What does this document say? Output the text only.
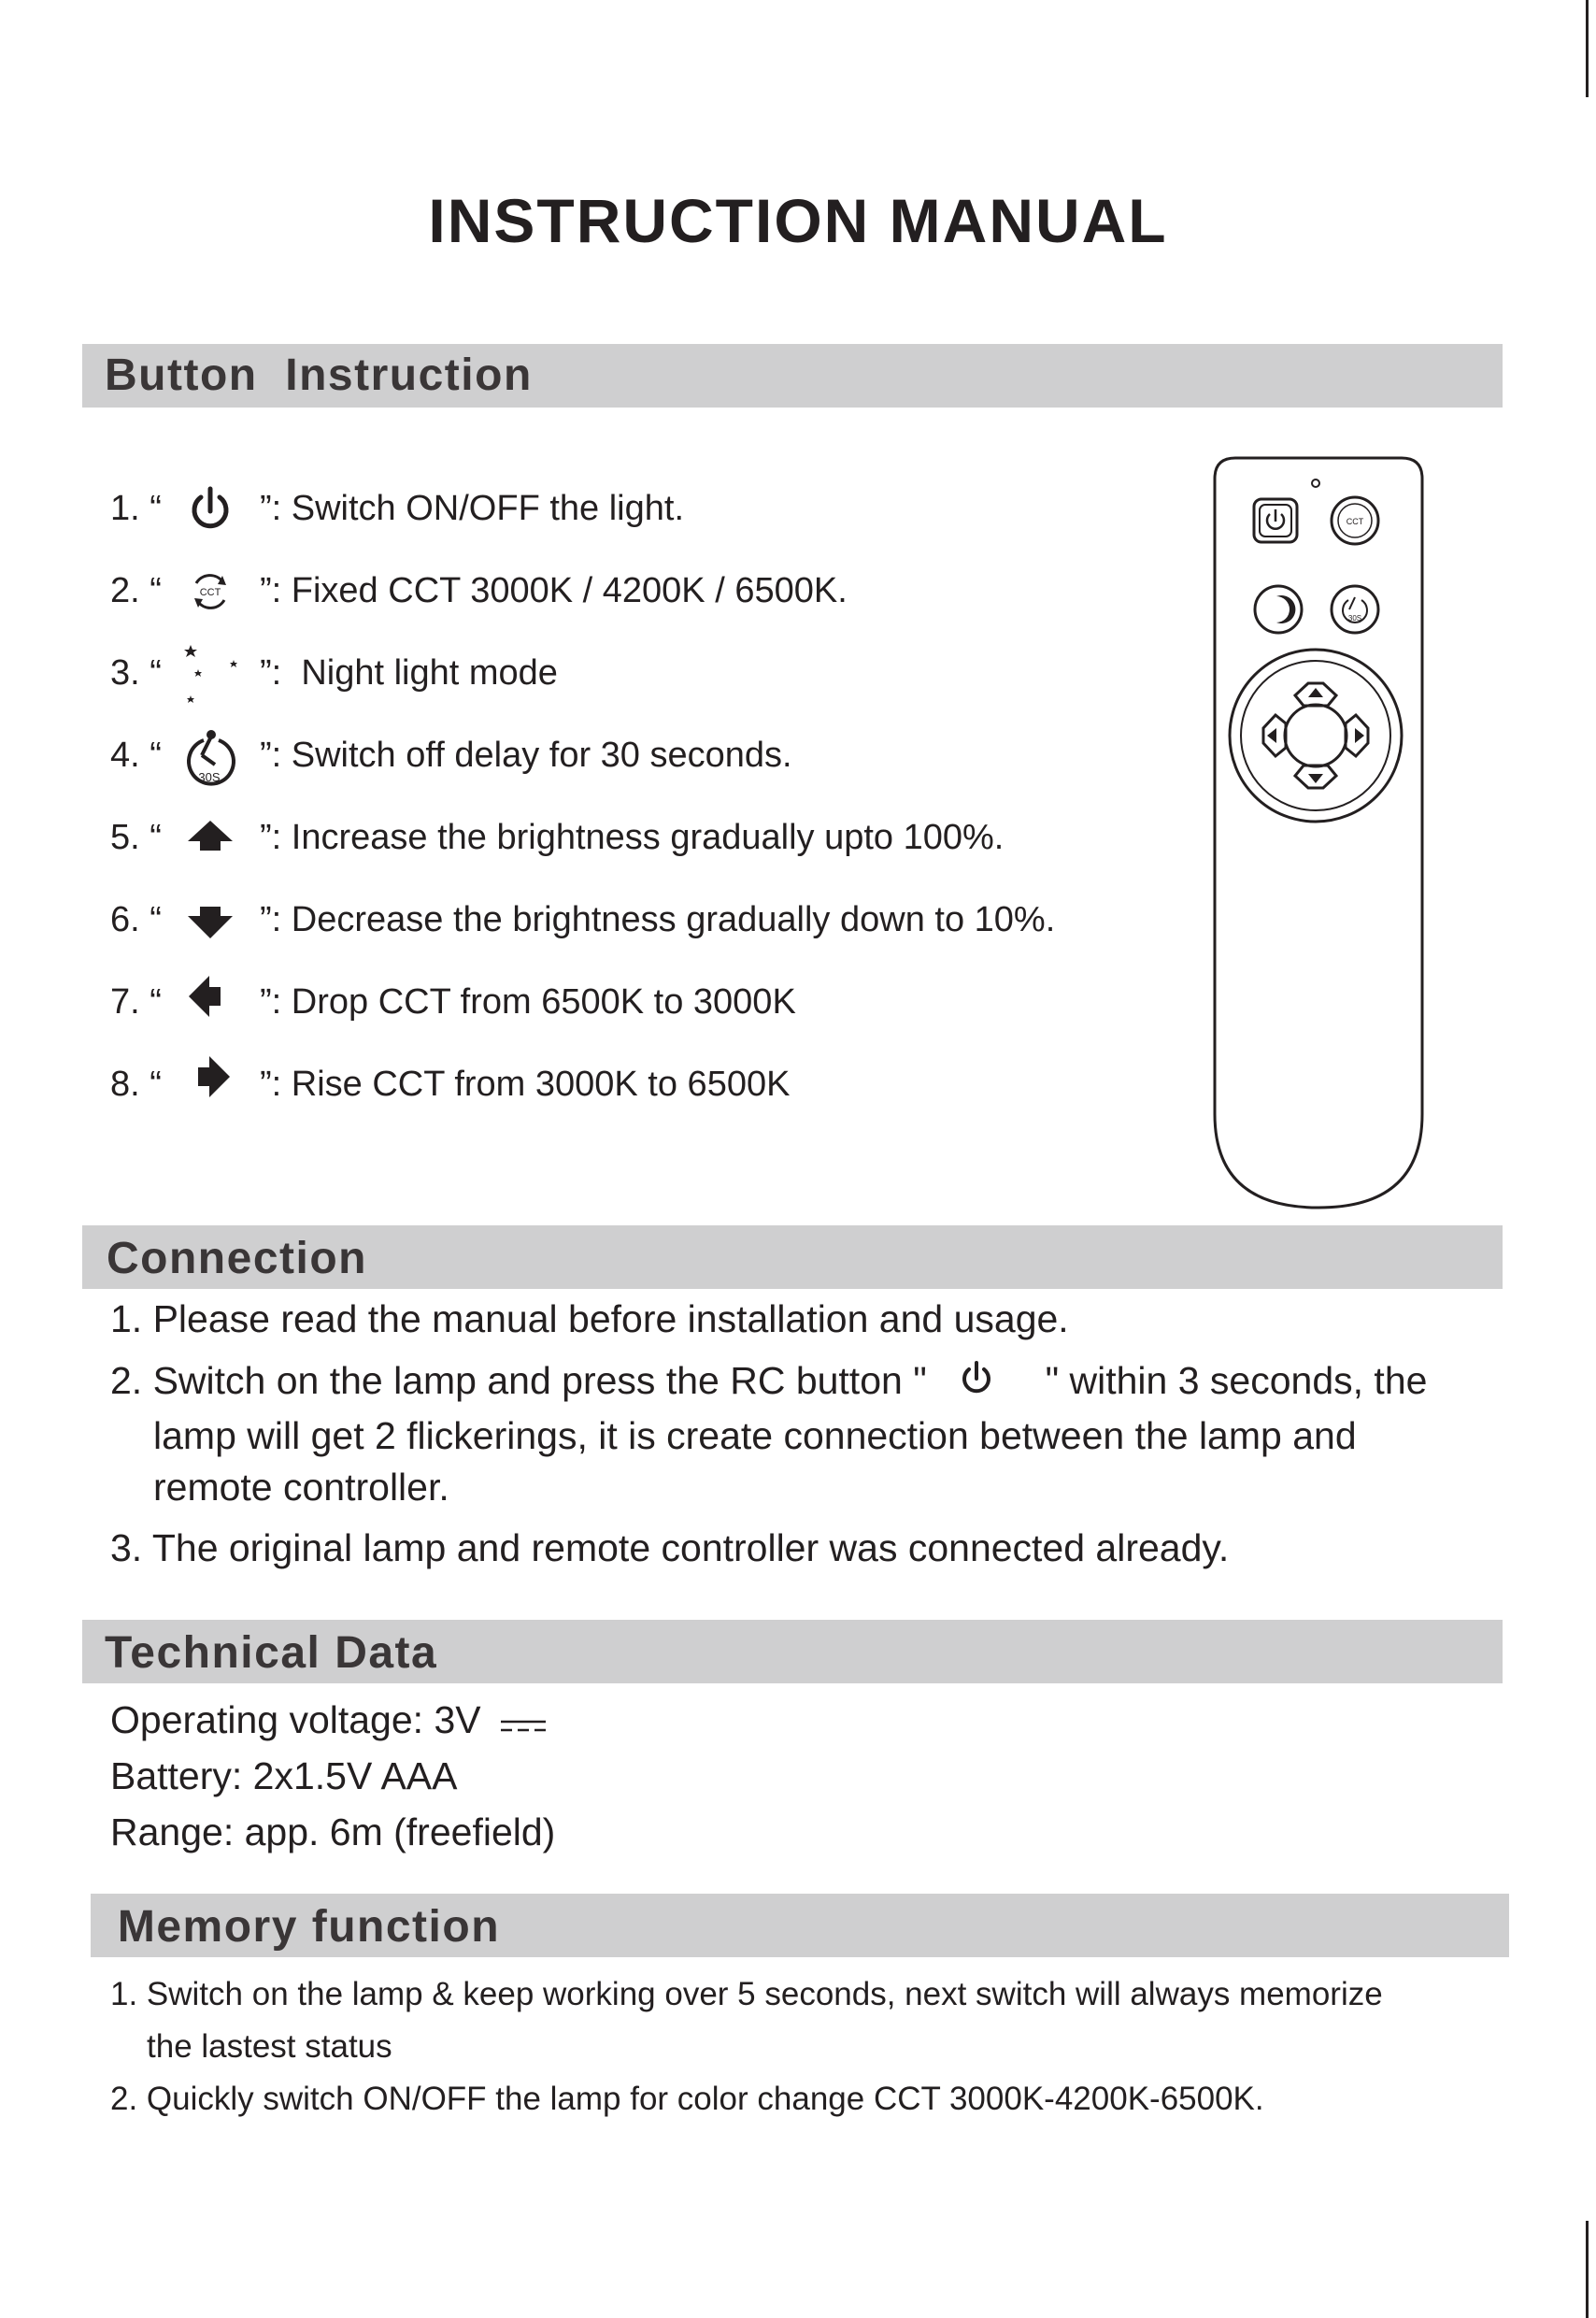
INSTRUCTION MANUAL
Button  Instruction
1. “	”: Switch ON/OFF the light.
2. “	CCT ”: Fixed CCT 3000K / 4200K / 6500K.
3. “	”:  Night light mode
4. “
30S
”: Switch off delay for 30 seconds.
5. “	”: Increase the brightness gradually upto 100%.
6. “	”: Decrease the brightness gradually down to 10%.
7. “	”: Drop CCT from 6500K to 3000K
8. “	”: Rise CCT from 3000K to 6500K
CCT
30S
Connection
1. Please read the manual before installation and usage.
2. Switch on the lamp and press the RC button "	" within 3 seconds, the
lamp will get 2 flickerings, it is create connection between the lamp and
remote controller.
3. The original lamp and remote controller was connected already.
Technical Data
Operating voltage: 3V
Battery: 2x1.5V AAA
Range: app. 6m (freefield)
Memory function
1. Switch on the lamp & keep working over 5 seconds, next switch will always memorize
the lastest status
2. Quickly switch ON/OFF the lamp for color change CCT 3000K-4200K-6500K.
